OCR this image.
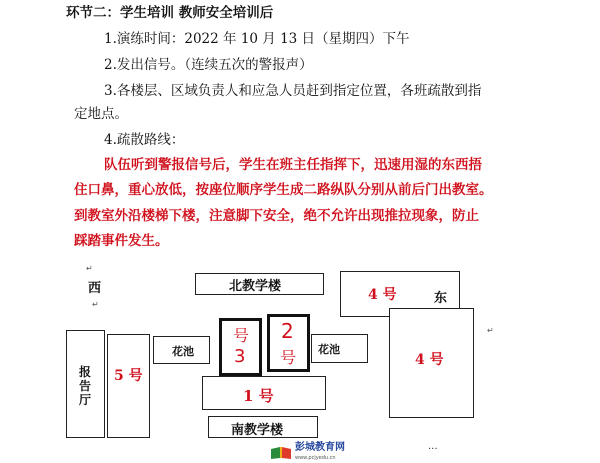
环节二：学生培训 教师安全培训后
1.演练时间：2022 年 10 月 13 日（星期四）下午
2.发出信号。（连续五次的警报声）
3.各楼层、区域负责人和应急人员赶到指定位置，各班疏散到指
定地点。
4.疏散路线：
队伍听到警报信号后，学生在班主任指挥下，迅速用湿的东西捂
住口鼻，重心放低，按座位顺序学生成二路纵队分别从前后门出教室。
到教室外沿楼梯下楼，注意脚下安全，绝不允许出现推拉现象，防止
踩踏事件发生。
↵
西
↵
北教学楼
4 号	东
↵
4 号
报告厅
5 号
花池
号
3
2
号 花池
1 号
南教学楼
彭城教育网
www.pcjyedu.cn
···
